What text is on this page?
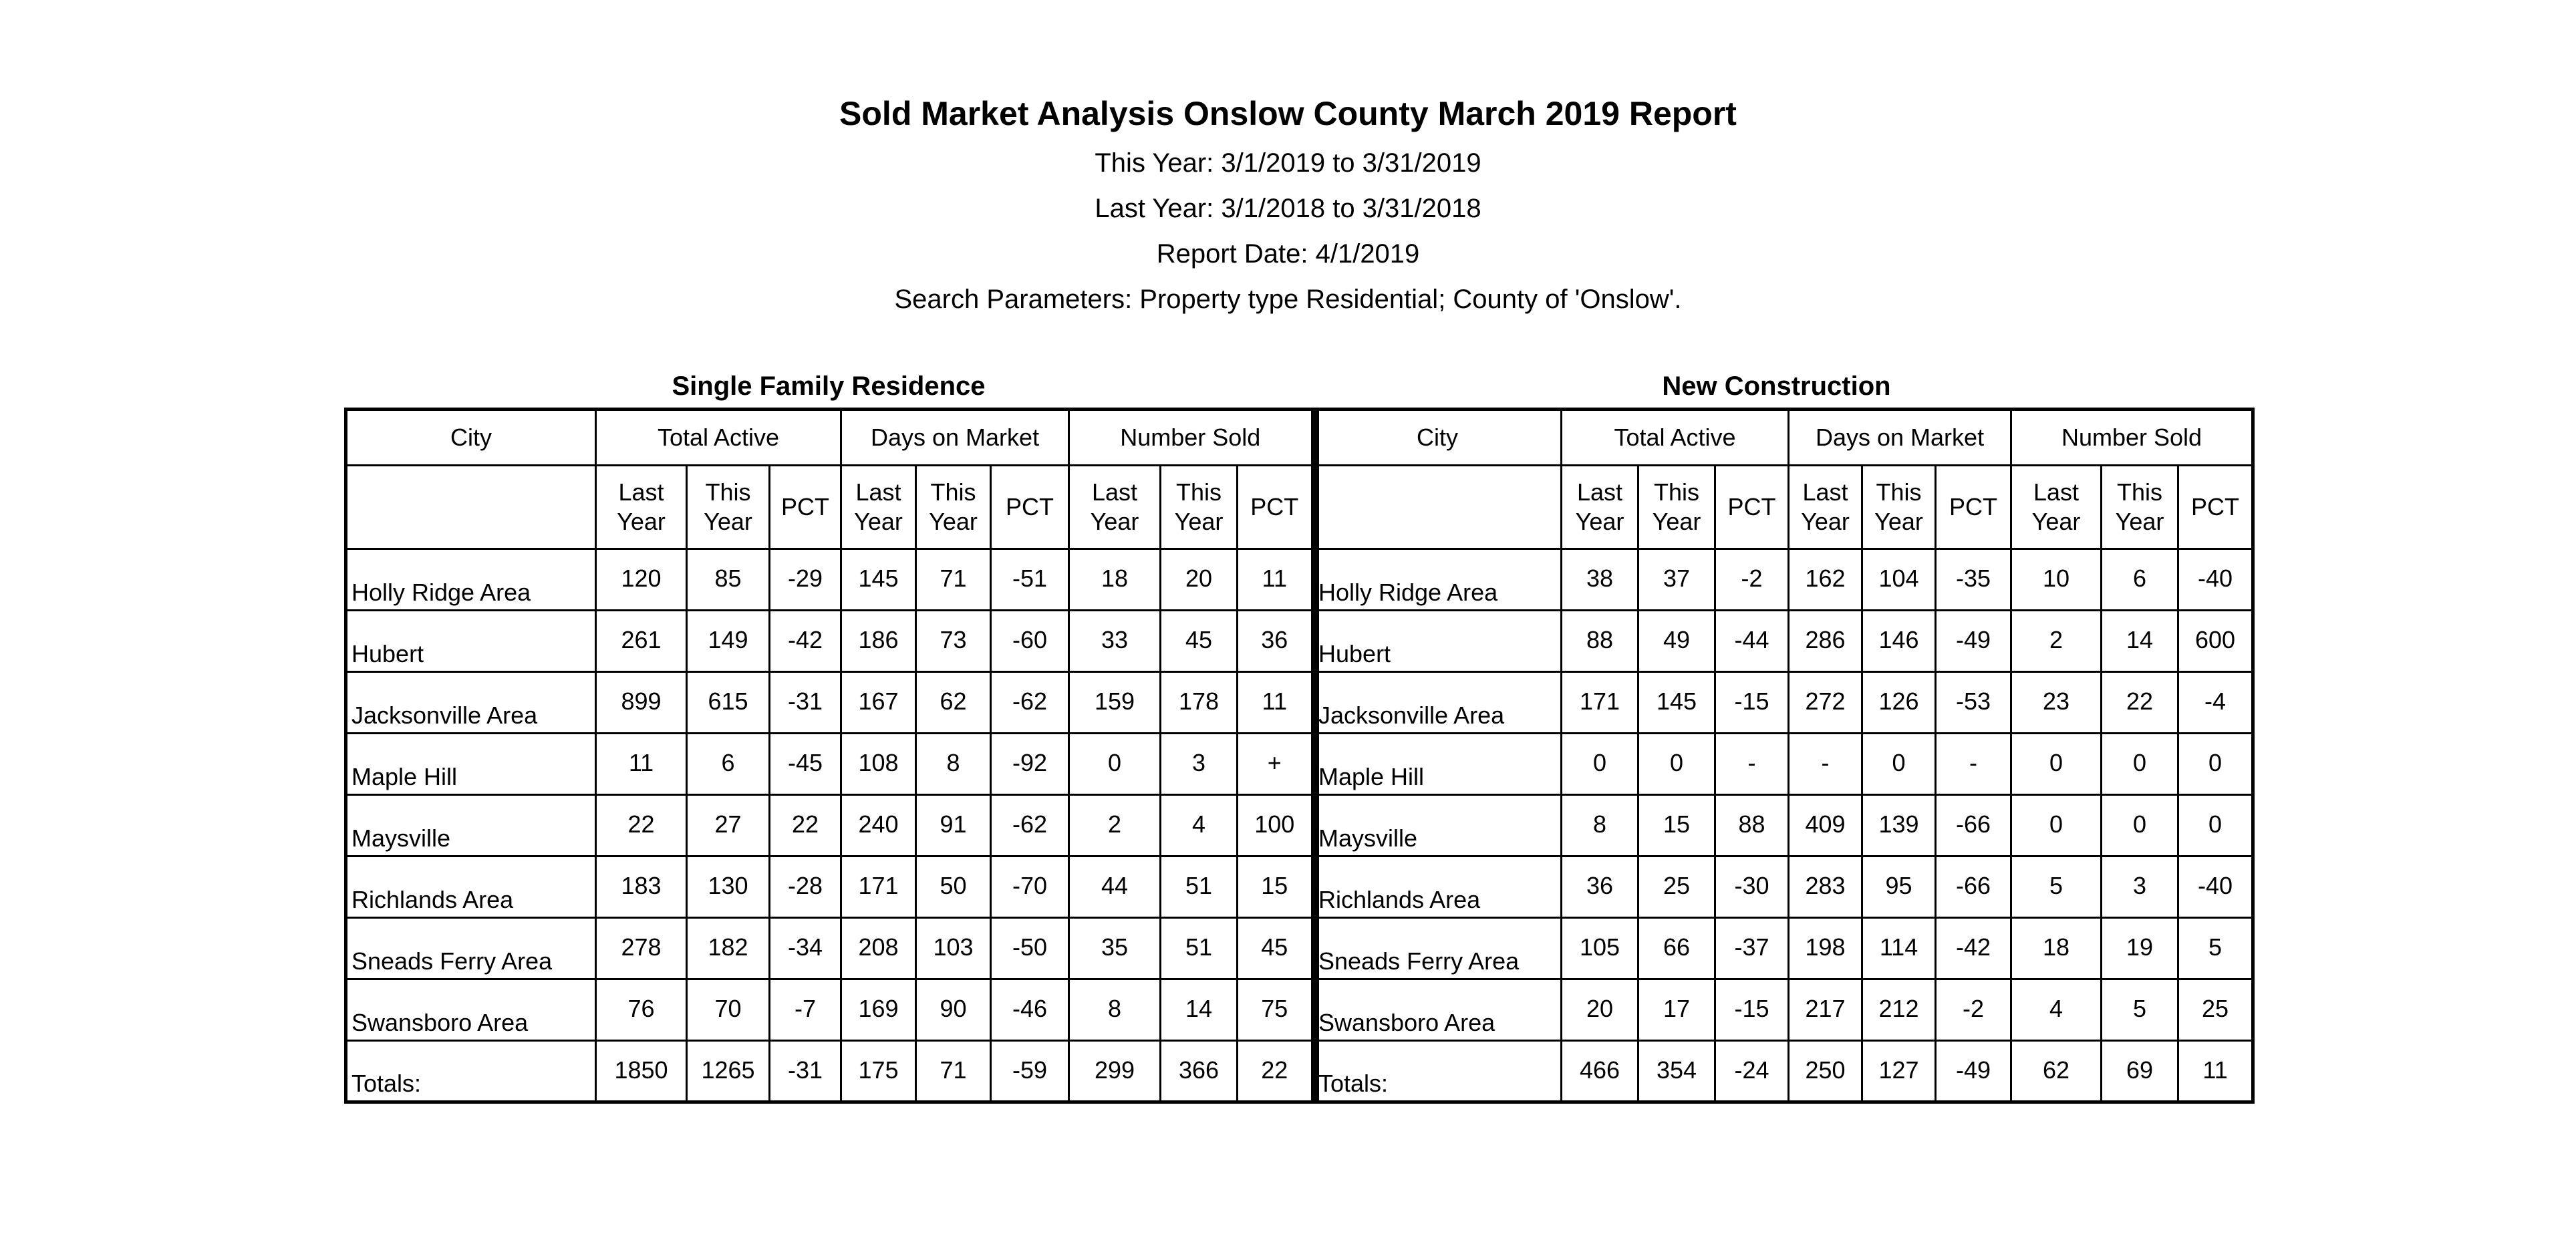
Sold Market Analysis Onslow County March 2019 Report
This Year: 3/1/2019 to 3/31/2019
Last Year: 3/1/2018 to 3/31/2018
Report Date: 4/1/2019
Search Parameters: Property type Residential; County of 'Onslow'.
Single Family Residence	New Construction
City	Total Active			Days on Market			Number Sold		
	Last Year	This Year	PCT	Last Year	This Year	PCT	Last Year	This Year	PCT
Holly Ridge Area	120	85	-29	145	71	-51	18	20	11
Hubert	261	149	-42	186	73	-60	33	45	36
Jacksonville Area	899	615	-31	167	62	-62	159	178	11
Maple Hill	11	6	-45	108	8	-92	0	3	+
Maysville	22	27	22	240	91	-62	2	4	100
Richlands Area	183	130	-28	171	50	-70	44	51	15
Sneads Ferry Area	278	182	-34	208	103	-50	35	51	45
Swansboro Area	76	70	-7	169	90	-46	8	14	75
Totals:	1850	1265	-31	175	71	-59	299	366	22
City	Total Active			Days on Market			Number Sold		
	Last Year	This Year	PCT	Last Year	This Year	PCT	Last Year	This Year	PCT
Holly Ridge Area	38	37	-2	162	104	-35	10	6	-40
Hubert	88	49	-44	286	146	-49	2	14	600
Jacksonville Area	171	145	-15	272	126	-53	23	22	-4
Maple Hill	0	0	-	-	0	-	0	0	0
Maysville	8	15	88	409	139	-66	0	0	0
Richlands Area	36	25	-30	283	95	-66	5	3	-40
Sneads Ferry Area	105	66	-37	198	114	-42	18	19	5
Swansboro Area	20	17	-15	217	212	-2	4	5	25
Totals:	466	354	-24	250	127	-49	62	69	11
